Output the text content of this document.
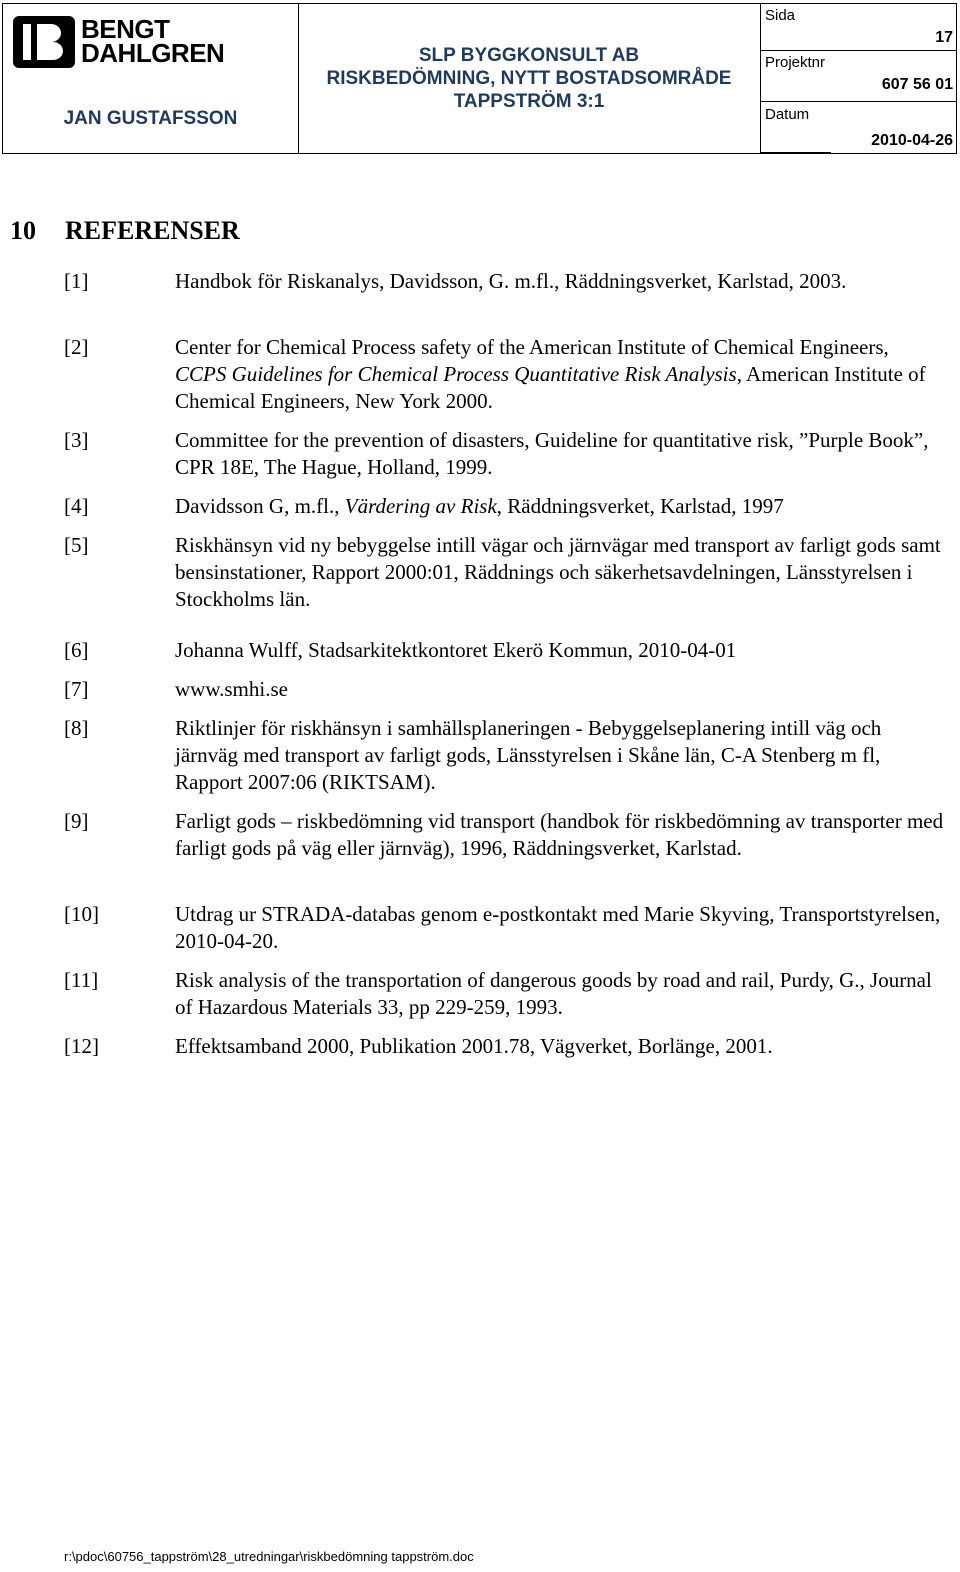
BENGT
DAHLGREN
JAN GUSTAFSSON
SLP BYGGKONSULT AB
RISKBEDÖMNING, NYTT BOSTADSOMRÅDE
TAPPSTRÖM 3:1
Sida
17
Projektnr
607 56 01
Datum
2010-04-26
10 REFERENSER
[1]	Handbok för Riskanalys, Davidsson, G. m.fl., Räddningsverket, Karlstad, 2003.
[2]	Center for Chemical Process safety of the American Institute of Chemical Engineers, CCPS Guidelines for Chemical Process Quantitative Risk Analysis, American Institute of Chemical Engineers, New York 2000.
[3]	Committee for the prevention of disasters, Guideline for quantitative risk, ”Purple Book”, CPR 18E, The Hague, Holland, 1999.
[4]	Davidsson G, m.fl., Värdering av Risk, Räddningsverket, Karlstad, 1997
[5]	Riskhänsyn vid ny bebyggelse intill vägar och järnvägar med transport av farligt gods samt bensinstationer, Rapport 2000:01, Räddnings och säkerhetsavdelningen, Länsstyrelsen i Stockholms län.
[6]	Johanna Wulff, Stadsarkitektkontoret Ekerö Kommun, 2010-04-01
[7]	www.smhi.se
[8]	Riktlinjer för riskhänsyn i samhällsplaneringen - Bebyggelseplanering intill väg och järnväg med transport av farligt gods, Länsstyrelsen i Skåne län, C-A Stenberg m fl, Rapport 2007:06 (RIKTSAM).
[9]	Farligt gods – riskbedömning vid transport (handbok för riskbedömning av transporter med farligt gods på väg eller järnväg), 1996, Räddningsverket, Karlstad.
[10]	Utdrag ur STRADA-databas genom e-postkontakt med Marie Skyving, Transportstyrelsen, 2010-04-20.
[11]	Risk analysis of the transportation of dangerous goods by road and rail, Purdy, G., Journal of Hazardous Materials 33, pp 229-259, 1993.
[12]	Effektsamband 2000, Publikation 2001.78, Vägverket, Borlänge, 2001.
r:\pdoc\60756_tappström\28_utredningar\riskbedömning tappström.doc
